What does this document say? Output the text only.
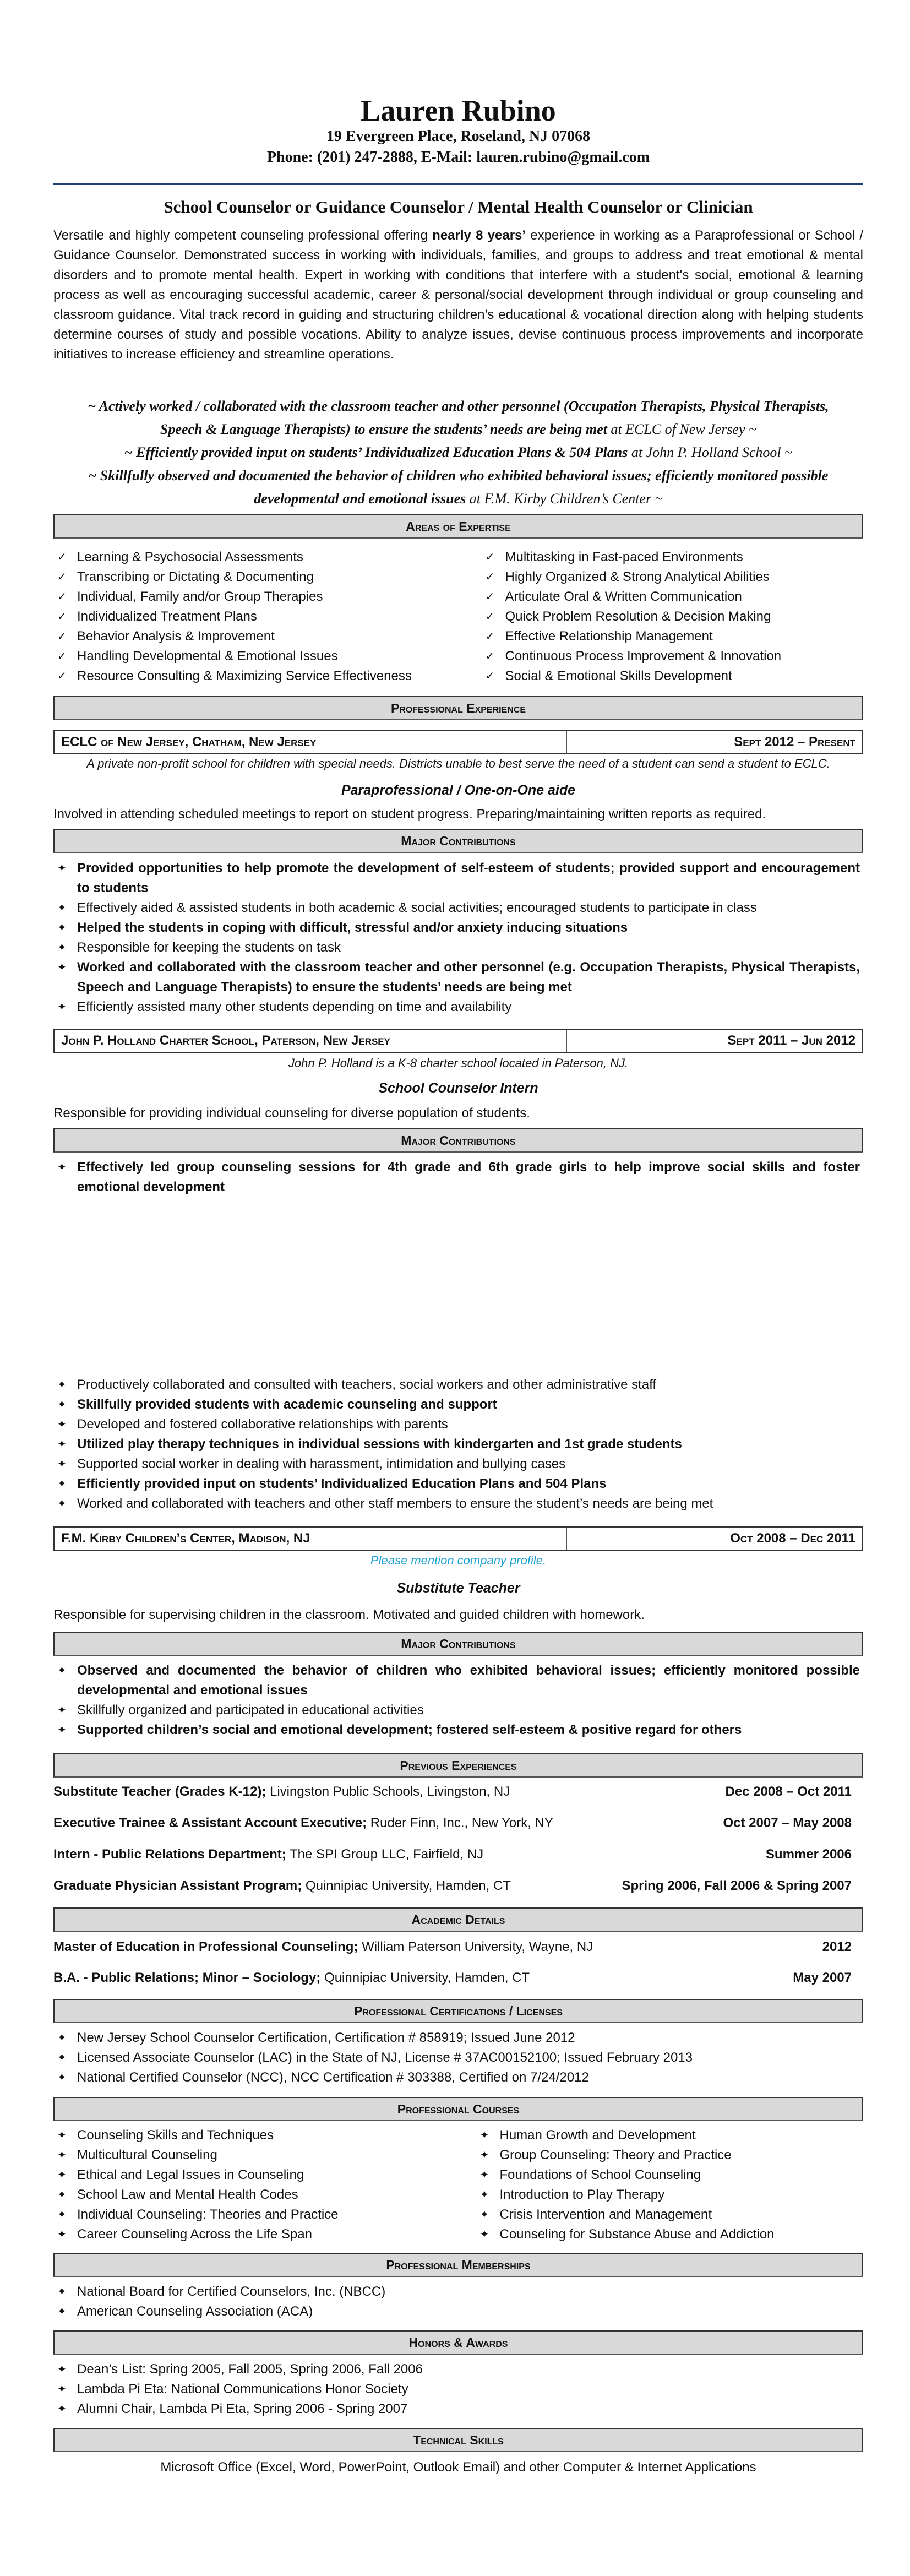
Lauren Rubino
19 Evergreen Place, Roseland, NJ 07068
Phone: (201) 247-2888, E-Mail: lauren.rubino@gmail.com
School Counselor or Guidance Counselor / Mental Health Counselor or Clinician
Versatile and highly competent counseling professional offering nearly 8 years’ experience in working as a Paraprofessional or School / Guidance Counselor. Demonstrated success in working with individuals, families, and groups to address and treat emotional & mental disorders and to promote mental health. Expert in working with conditions that interfere with a student's social, emotional & learning process as well as encouraging successful academic, career & personal/social development through individual or group counseling and classroom guidance. Vital track record in guiding and structuring children’s educational & vocational direction along with helping students determine courses of study and possible vocations. Ability to analyze issues, devise continuous process improvements and incorporate initiatives to increase efficiency and streamline operations.
~ Actively worked / collaborated with the classroom teacher and other personnel (Occupation Therapists, Physical Therapists, Speech & Language Therapists) to ensure the students’ needs are being met at ECLC of New Jersey ~
~ Efficiently provided input on students’ Individualized Education Plans & 504 Plans at John P. Holland School ~
~ Skillfully observed and documented the behavior of children who exhibited behavioral issues; efficiently monitored possible developmental and emotional issues at F.M. Kirby Children’s Center ~
Areas of Expertise
✓ Learning & Psychosocial Assessments
✓ Transcribing or Dictating & Documenting
✓ Individual, Family and/or Group Therapies
✓ Individualized Treatment Plans
✓ Behavior Analysis & Improvement
✓ Handling Developmental & Emotional Issues
✓ Resource Consulting & Maximizing Service Effectiveness
✓ Multitasking in Fast-paced Environments
✓ Highly Organized & Strong Analytical Abilities
✓ Articulate Oral & Written Communication
✓ Quick Problem Resolution & Decision Making
✓ Effective Relationship Management
✓ Continuous Process Improvement & Innovation
✓ Social & Emotional Skills Development
Professional Experience
ECLC of New Jersey, Chatham, New Jersey	Sept 2012 – Present
A private non-profit school for children with special needs. Districts unable to best serve the need of a student can send a student to ECLC.
Paraprofessional / One-on-One aide
Involved in attending scheduled meetings to report on student progress. Preparing/maintaining written reports as required.
Major Contributions
✦ Provided opportunities to help promote the development of self-esteem of students; provided support and encouragement to students
✦ Effectively aided & assisted students in both academic & social activities; encouraged students to participate in class
✦ Helped the students in coping with difficult, stressful and/or anxiety inducing situations
✦ Responsible for keeping the students on task
✦ Worked and collaborated with the classroom teacher and other personnel (e.g. Occupation Therapists, Physical Therapists, Speech and Language Therapists) to ensure the students’ needs are being met
✦ Efficiently assisted many other students depending on time and availability
John P. Holland Charter School, Paterson, New Jersey	Sept 2011 – Jun 2012
John P. Holland is a K-8 charter school located in Paterson, NJ.
School Counselor Intern
Responsible for providing individual counseling for diverse population of students.
Major Contributions
✦ Effectively led group counseling sessions for 4th grade and 6th grade girls to help improve social skills and foster emotional development
✦ Productively collaborated and consulted with teachers, social workers and other administrative staff
✦ Skillfully provided students with academic counseling and support
✦ Developed and fostered collaborative relationships with parents
✦ Utilized play therapy techniques in individual sessions with kindergarten and 1st grade students
✦ Supported social worker in dealing with harassment, intimidation and bullying cases
✦ Efficiently provided input on students’ Individualized Education Plans and 504 Plans
✦ Worked and collaborated with teachers and other staff members to ensure the student’s needs are being met
F.M. Kirby Children’s Center, Madison, NJ	Oct 2008 – Dec 2011
Please mention company profile.
Substitute Teacher
Responsible for supervising children in the classroom. Motivated and guided children with homework.
Major Contributions
✦ Observed and documented the behavior of children who exhibited behavioral issues; efficiently monitored possible developmental and emotional issues
✦ Skillfully organized and participated in educational activities
✦ Supported children’s social and emotional development; fostered self-esteem & positive regard for others
Previous Experiences
Substitute Teacher (Grades K-12); Livingston Public Schools, Livingston, NJ	Dec 2008 – Oct 2011
Executive Trainee & Assistant Account Executive; Ruder Finn, Inc., New York, NY	Oct 2007 – May 2008
Intern - Public Relations Department; The SPI Group LLC, Fairfield, NJ	Summer 2006
Graduate Physician Assistant Program; Quinnipiac University, Hamden, CT	Spring 2006, Fall 2006 & Spring 2007
Academic Details
Master of Education in Professional Counseling; William Paterson University, Wayne, NJ	2012
B.A. - Public Relations; Minor – Sociology; Quinnipiac University, Hamden, CT	May 2007
Professional Certifications / Licenses
✦ New Jersey School Counselor Certification, Certification # 858919; Issued June 2012
✦ Licensed Associate Counselor (LAC) in the State of NJ, License # 37AC00152100; Issued February 2013
✦ National Certified Counselor (NCC), NCC Certification # 303388, Certified on 7/24/2012
Professional Courses
✦ Counseling Skills and Techniques
✦ Multicultural Counseling
✦ Ethical and Legal Issues in Counseling
✦ School Law and Mental Health Codes
✦ Individual Counseling: Theories and Practice
✦ Career Counseling Across the Life Span
✦ Human Growth and Development
✦ Group Counseling: Theory and Practice
✦ Foundations of School Counseling
✦ Introduction to Play Therapy
✦ Crisis Intervention and Management
✦ Counseling for Substance Abuse and Addiction
Professional Memberships
✦ National Board for Certified Counselors, Inc. (NBCC)
✦ American Counseling Association (ACA)
Honors & Awards
✦ Dean’s List: Spring 2005, Fall 2005, Spring 2006, Fall 2006
✦ Lambda Pi Eta: National Communications Honor Society
✦ Alumni Chair, Lambda Pi Eta, Spring 2006 - Spring 2007
Technical Skills
Microsoft Office (Excel, Word, PowerPoint, Outlook Email) and other Computer & Internet Applications
